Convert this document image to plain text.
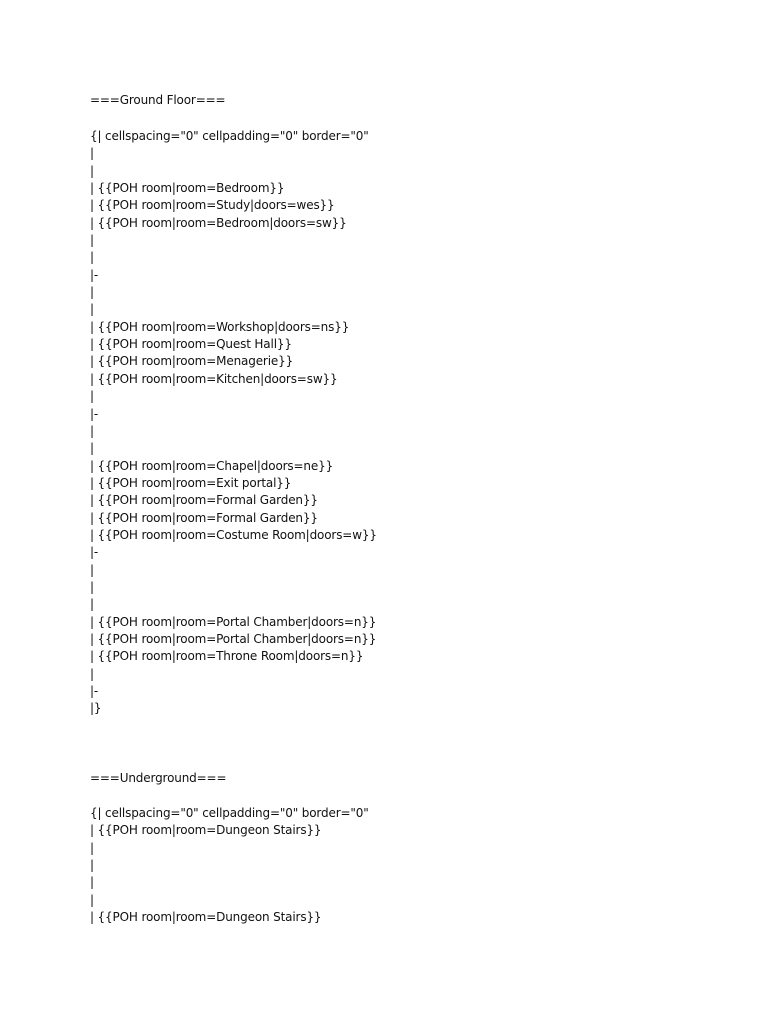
===Ground Floor===
{| cellspacing="0" cellpadding="0" border="0"
|
|
| {{POH room|room=Bedroom}}
| {{POH room|room=Study|doors=wes}}
| {{POH room|room=Bedroom|doors=sw}}
|
|
|-
|
|
| {{POH room|room=Workshop|doors=ns}}
| {{POH room|room=Quest Hall}}
| {{POH room|room=Menagerie}}
| {{POH room|room=Kitchen|doors=sw}}
|
|-
|
|
| {{POH room|room=Chapel|doors=ne}}
| {{POH room|room=Exit portal}}
| {{POH room|room=Formal Garden}}
| {{POH room|room=Formal Garden}}
| {{POH room|room=Costume Room|doors=w}}
|-
|
|
|
| {{POH room|room=Portal Chamber|doors=n}}
| {{POH room|room=Portal Chamber|doors=n}}
| {{POH room|room=Throne Room|doors=n}}
|
|-
|}
===Underground===
{| cellspacing="0" cellpadding="0" border="0"
| {{POH room|room=Dungeon Stairs}}
|
|
|
|
| {{POH room|room=Dungeon Stairs}}
